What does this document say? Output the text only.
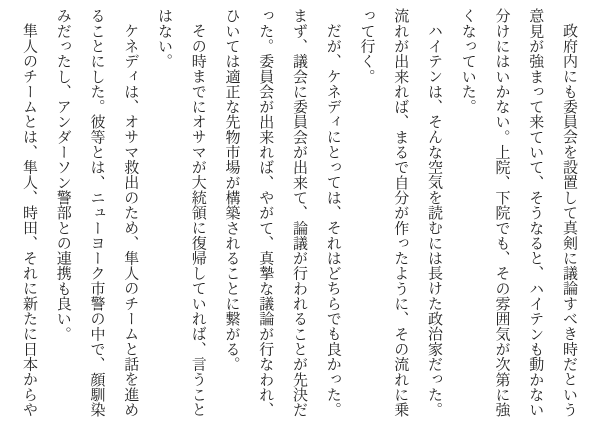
政府内にも委員会を設置して真剣に議論すべき時だという意見が強まって来ていて、そうなると、ハイテンも動かない分けにはいかない。上院、下院でも、その雰囲気が次第に強くなっていた。

ハイテンは、そんな空気を読むには長けた政治家だった。流れが出来れば、まるで自分が作ったように、その流れに乗って行く。

だが、ケネディにとっては、それはどちらでも良かった。

まず、議会に委員会が出来て、論議が行われることが先決だった。委員会が出来れば、やがて、真摯な議論が行なわれ、ひいては適正な先物市場が構築されることに繋がる。

その時までにオサマが大統領に復帰していれば、言うことはない。

ケネディは、オサマ救出のため、隼人のチームと話を進めることにした。彼等とは、ニューヨーク市警の中で、顔馴染みだったし、アンダーソン警部との連携も良い。

隼人のチームとは、隼人、時田、それに新たに日本からや
